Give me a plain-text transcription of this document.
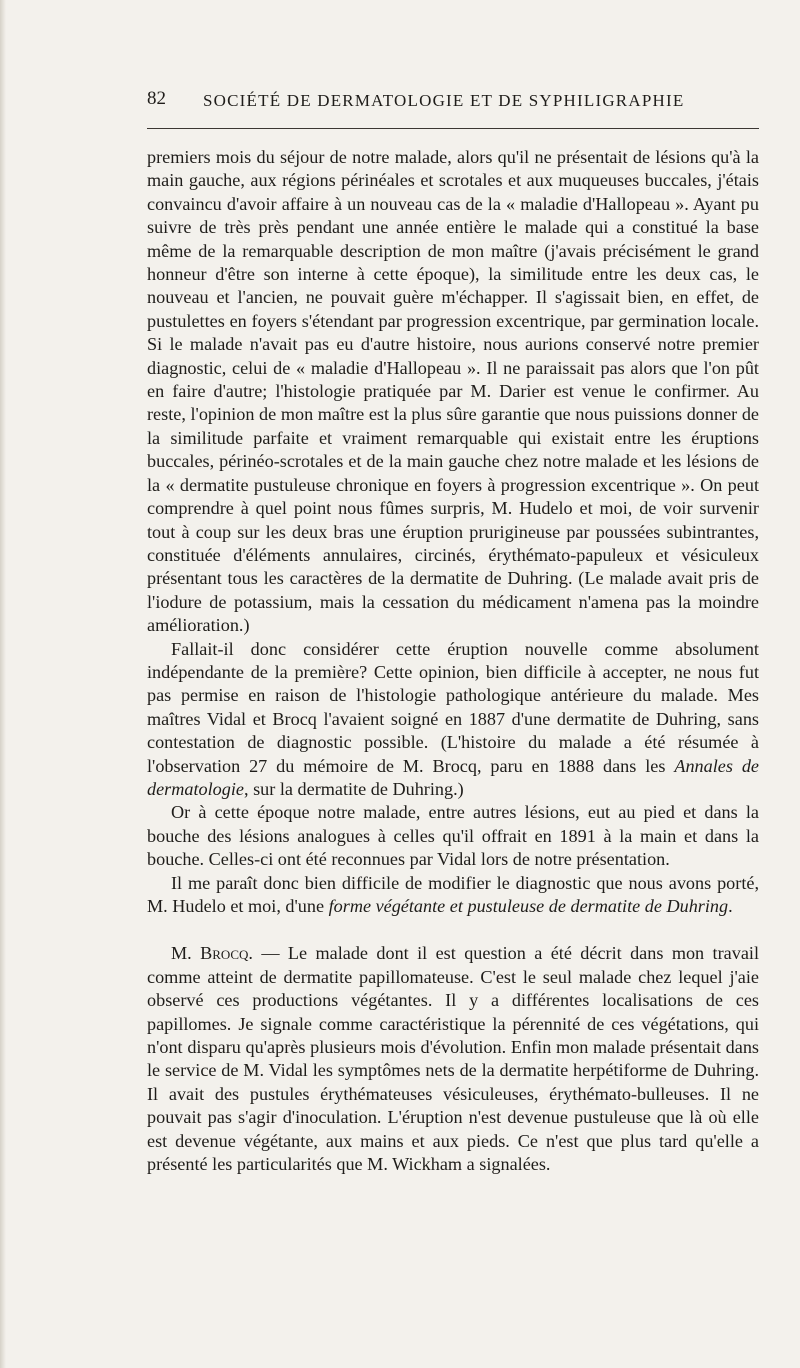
82 SOCIÉTÉ DE DERMATOLOGIE ET DE SYPHILIGRAPHIE

premiers mois du séjour de notre malade, alors qu'il ne présentait de lésions qu'à la main gauche, aux régions périnéales et scrotales et aux muqueuses buccales, j'étais convaincu d'avoir affaire à un nouveau cas de la « maladie d'Hallopeau ». Ayant pu suivre de très près pendant une année entière le malade qui a constitué la base même de la remarquable description de mon maître (j'avais précisément le grand honneur d'être son interne à cette époque), la similitude entre les deux cas, le nouveau et l'ancien, ne pouvait guère m'échapper. Il s'agissait bien, en effet, de pustulettes en foyers s'étendant par progression excentrique, par germination locale. Si le malade n'avait pas eu d'autre histoire, nous aurions conservé notre premier diagnostic, celui de « maladie d'Hallopeau ». Il ne paraissait pas alors que l'on pût en faire d'autre; l'histologie pratiquée par M. Darier est venue le confirmer. Au reste, l'opinion de mon maître est la plus sûre garantie que nous puissions donner de la similitude parfaite et vraiment remarquable qui existait entre les éruptions buccales, périnéo-scrotales et de la main gauche chez notre malade et les lésions de la « dermatite pustuleuse chronique en foyers à progression excentrique ». On peut comprendre à quel point nous fûmes surpris, M. Hudelo et moi, de voir survenir tout à coup sur les deux bras une éruption prurigineuse par poussées subintrantes, constituée d'éléments annulaires, circinés, érythémato-papuleux et vésiculeux présentant tous les caractères de la dermatite de Duhring. (Le malade avait pris de l'iodure de potassium, mais la cessation du médicament n'amena pas la moindre amélioration.)

Fallait-il donc considérer cette éruption nouvelle comme absolument indépendante de la première? Cette opinion, bien difficile à accepter, ne nous fut pas permise en raison de l'histologie pathologique antérieure du malade. Mes maîtres Vidal et Brocq l'avaient soigné en 1887 d'une dermatite de Duhring, sans contestation de diagnostic possible. (L'histoire du malade a été résumée à l'observation 27 du mémoire de M. Brocq, paru en 1888 dans les Annales de dermatologie, sur la dermatite de Duhring.)

Or à cette époque notre malade, entre autres lésions, eut au pied et dans la bouche des lésions analogues à celles qu'il offrait en 1891 à la main et dans la bouche. Celles-ci ont été reconnues par Vidal lors de notre présentation.

Il me paraît donc bien difficile de modifier le diagnostic que nous avons porté, M. Hudelo et moi, d'une forme végétante et pustuleuse de dermatite de Duhring.

M. Brocq. — Le malade dont il est question a été décrit dans mon travail comme atteint de dermatite papillomateuse. C'est le seul malade chez lequel j'aie observé ces productions végétantes. Il y a différentes localisations de ces papillomes. Je signale comme caractéristique la pérennité de ces végétations, qui n'ont disparu qu'après plusieurs mois d'évolution. Enfin mon malade présentait dans le service de M. Vidal les symptômes nets de la dermatite herpétiforme de Duhring. Il avait des pustules érythémateuses vésiculeuses, érythémato-bulleuses. Il ne pouvait pas s'agir d'inoculation. L'éruption n'est devenue pustuleuse que là où elle est devenue végétante, aux mains et aux pieds. Ce n'est que plus tard qu'elle a présenté les particularités que M. Wickham a signalées.
